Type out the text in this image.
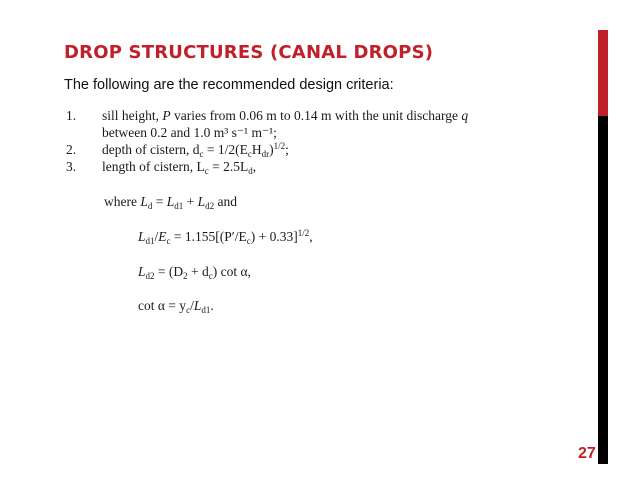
DROP STRUCTURES (CANAL DROPS)
The following are the recommended design criteria:
1.	sill height, P varies from 0.06 m to 0.14 m with the unit discharge q
between 0.2 and 1.0 m³ s⁻¹ m⁻¹;
2.	depth of cistern, $d_c = 1/2(E_cH_{dr})^{1/2}$;
3.	length of cistern, $L_c = 2.5L_d$,
where $L_d = L_{d1} + L_{d2}$ and
$L_{d1}/E_c = 1.155[(P'/E_c) + 0.33]^{1/2}$,
$L_{d2} = (D_2 + d_c)$ cot α,
$\cot \alpha = y_c/L_{d1}$.
27
